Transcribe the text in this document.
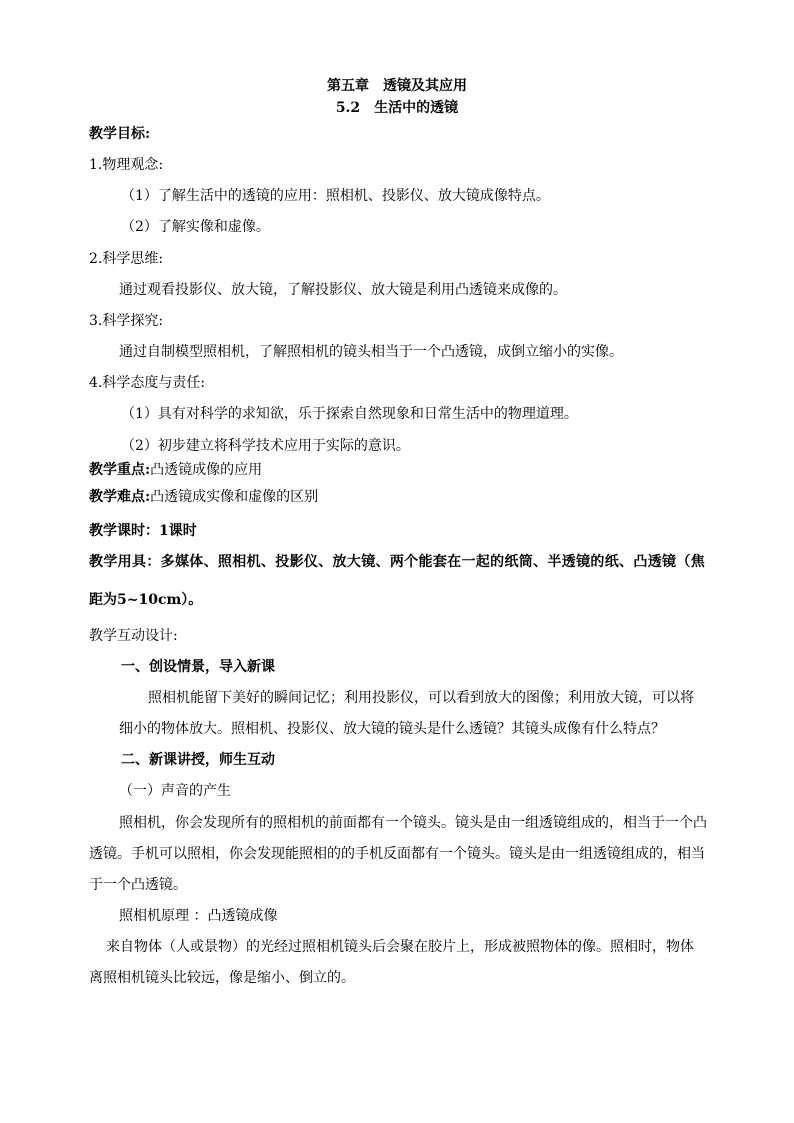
第五章　透镜及其应用
5.2　生活中的透镜
教学目标:
1.物理观念:
（1）了解生活中的透镜的应用：照相机、投影仪、放大镜成像特点。
（2）了解实像和虚像。
2.科学思维:
通过观看投影仪、放大镜，了解投影仪、放大镜是利用凸透镜来成像的。
3.科学探究:
通过自制模型照相机，了解照相机的镜头相当于一个凸透镜，成倒立缩小的实像。
4.科学态度与责任:
（1）具有对科学的求知欲，乐于探索自然现象和日常生活中的物理道理。
（2）初步建立将科学技术应用于实际的意识。
教学重点:凸透镜成像的应用
教学难点:凸透镜成实像和虚像的区别
教学课时：1课时
教学用具：多媒体、照相机、投影仪、放大镜、两个能套在一起的纸筒、半透镜的纸、凸透镜（焦
距为5~10cm）。
教学互动设计:
一、创设情景，导入新课
照相机能留下美好的瞬间记忆；利用投影仪，可以看到放大的图像；利用放大镜，可以将
细小的物体放大。照相机、投影仪、放大镜的镜头是什么透镜？其镜头成像有什么特点？
二、新课讲授，师生互动
（一）声音的产生
照相机，你会发现所有的照相机的前面都有一个镜头。镜头是由一组透镜组成的，相当于一个凸
透镜。手机可以照相，你会发现能照相的的手机反面都有一个镜头。镜头是由一组透镜组成的，相当
于一个凸透镜。
照相机原理 ：凸透镜成像
来自物体（人或景物）的光经过照相机镜头后会聚在胶片上，形成被照物体的像。照相时，物体
离照相机镜头比较远，像是缩小、倒立的。
